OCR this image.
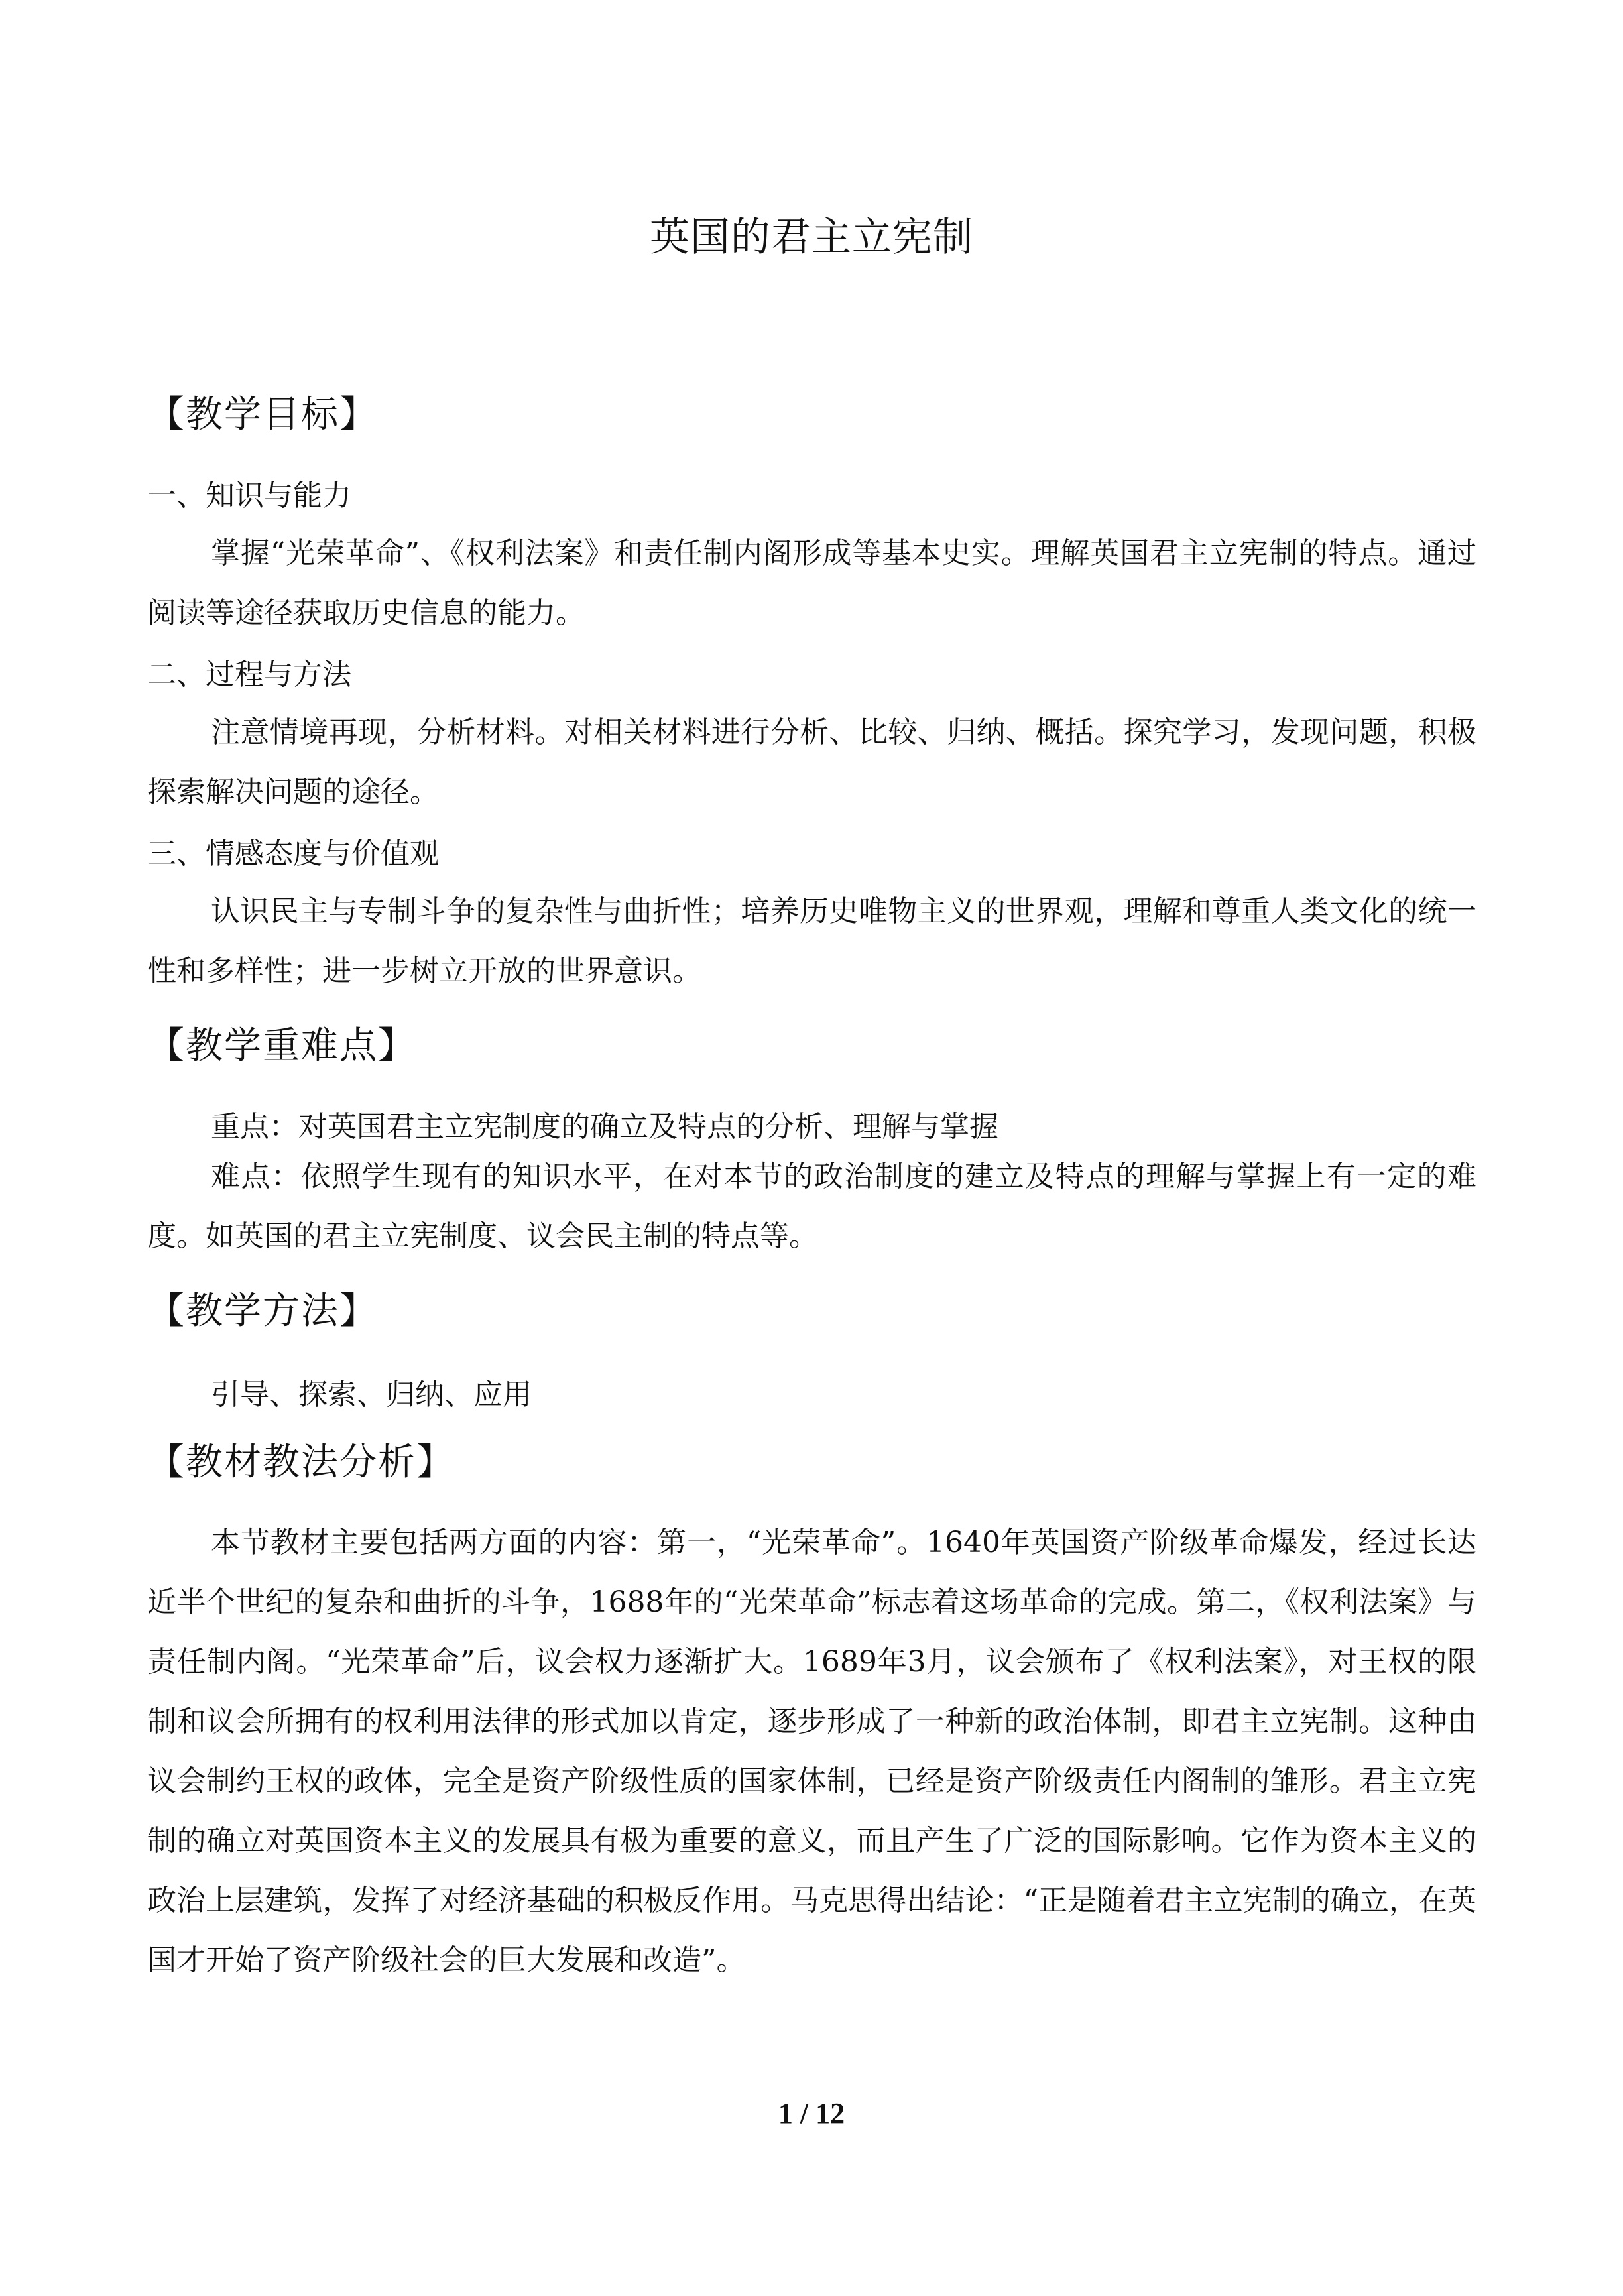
英国的君主立宪制
【教学目标】
一、知识与能力

掌握“光荣革命”、《权利法案》和责任制内阁形成等基本史实。理解英国君主立宪制的特点。通过阅读等途径获取历史信息的能力。

二、过程与方法

注意情境再现，分析材料。对相关材料进行分析、比较、归纳、概括。探究学习，发现问题，积极探索解决问题的途径。

三、情感态度与价值观

认识民主与专制斗争的复杂性与曲折性；培养历史唯物主义的世界观，理解和尊重人类文化的统一性和多样性；进一步树立开放的世界意识。

【教学重难点】
重点：对英国君主立宪制度的确立及特点的分析、理解与掌握

难点：依照学生现有的知识水平，在对本节的政治制度的建立及特点的理解与掌握上有一定的难度。如英国的君主立宪制度、议会民主制的特点等。

【教学方法】
引导、探索、归纳、应用
【教材教法分析】

本节教材主要包括两方面的内容：第一，“光荣革命”。1640年英国资产阶级革命爆发，经过长达近半个世纪的复杂和曲折的斗争，1688年的“光荣革命”标志着这场革命的完成。第二，《权利法案》与责任制内阁。“光荣革命”后，议会权力逐渐扩大。1689年3月，议会颁布了《权利法案》，对王权的限制和议会所拥有的权利用法律的形式加以肯定，逐步形成了一种新的政治体制，即君主立宪制。这种由议会制约王权的政体，完全是资产阶级性质的国家体制，已经是资产阶级责任内阁制的雏形。君主立宪制的确立对英国资本主义的发展具有极为重要的意义，而且产生了广泛的国际影响。它作为资本主义的政治上层建筑，发挥了对经济基础的积极反作用。马克思得出结论：“正是随着君主立宪制的确立，在英国才开始了资产阶级社会的巨大发展和改造”。

1 / 12
